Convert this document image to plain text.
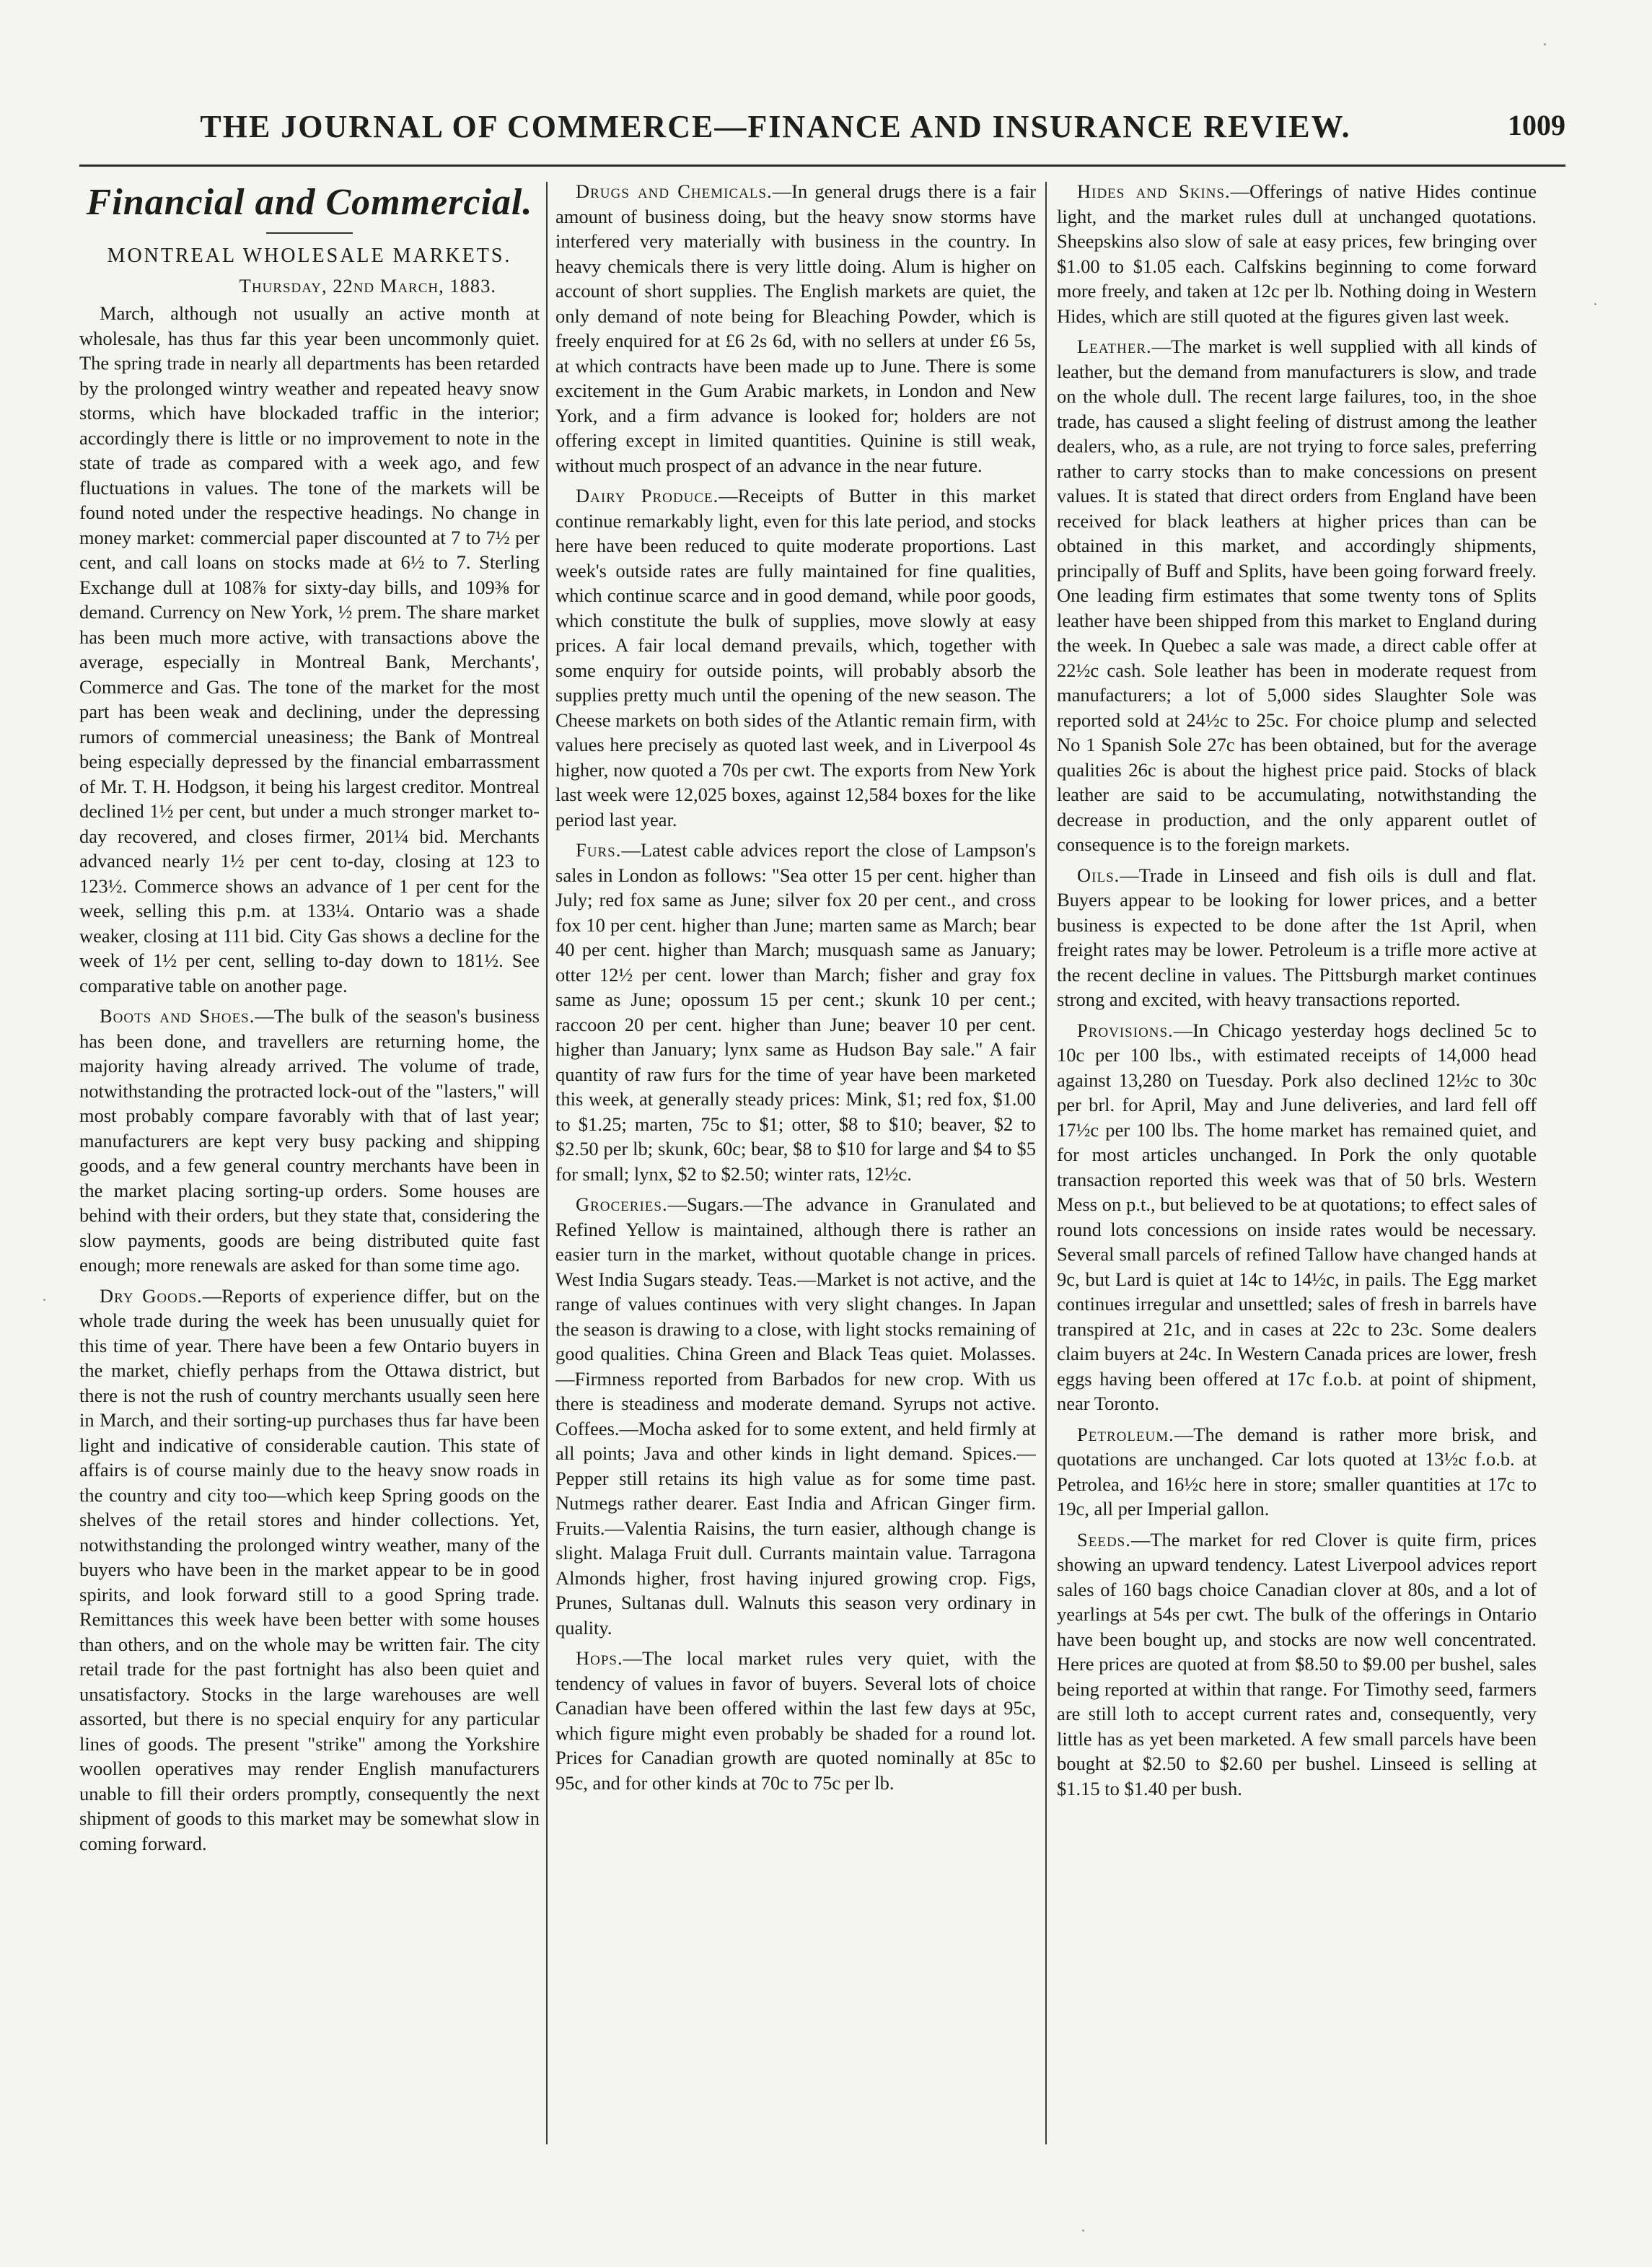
THE JOURNAL OF COMMERCE—FINANCE AND INSURANCE REVIEW.	1009
Financial and Commercial.
MONTREAL WHOLESALE MARKETS.
Thursday, 22nd March, 1883.

March, although not usually an active month at wholesale, has thus far this year been uncommonly quiet. The spring trade in nearly all departments has been retarded by the prolonged wintry weather and repeated heavy snow storms, which have blockaded traffic in the interior; accordingly there is little or no improvement to note in the state of trade as compared with a week ago, and few fluctuations in values. The tone of the markets will be found noted under the respective headings. No change in money market: commercial paper discounted at 7 to 7½ per cent, and call loans on stocks made at 6½ to 7. Sterling Exchange dull at 108⅞ for sixty-day bills, and 109⅜ for demand. Currency on New York, ½ prem. The share market has been much more active, with transactions above the average, especially in Montreal Bank, Merchants', Commerce and Gas. The tone of the market for the most part has been weak and declining, under the depressing rumors of commercial uneasiness; the Bank of Montreal being especially depressed by the financial embarrassment of Mr. T. H. Hodgson, it being his largest creditor. Montreal declined 1½ per cent, but under a much stronger market to-day recovered, and closes firmer, 201¼ bid. Merchants advanced nearly 1½ per cent to-day, closing at 123 to 123½. Commerce shows an advance of 1 per cent for the week, selling this p.m. at 133¼. Ontario was a shade weaker, closing at 111 bid. City Gas shows a decline for the week of 1½ per cent, selling to-day down to 181½. See comparative table on another page.

Boots and Shoes.—The bulk of the season's business has been done, and travellers are returning home, the majority having already arrived. The volume of trade, notwithstanding the protracted lock-out of the "lasters," will most probably compare favorably with that of last year; manufacturers are kept very busy packing and shipping goods, and a few general country merchants have been in the market placing sorting-up orders. Some houses are behind with their orders, but they state that, considering the slow payments, goods are being distributed quite fast enough; more renewals are asked for than some time ago.

Dry Goods.—Reports of experience differ, but on the whole trade during the week has been unusually quiet for this time of year. There have been a few Ontario buyers in the market, chiefly perhaps from the Ottawa district, but there is not the rush of country merchants usually seen here in March, and their sorting-up purchases thus far have been light and indicative of considerable caution. This state of affairs is of course mainly due to the heavy snow roads in the country and city too—which keep Spring goods on the shelves of the retail stores and hinder collections. Yet, notwithstanding the prolonged wintry weather, many of the buyers who have been in the market appear to be in good spirits, and look forward still to a good Spring trade. Remittances this week have been better with some houses than others, and on the whole may be written fair. The city retail trade for the past fortnight has also been quiet and unsatisfactory. Stocks in the large warehouses are well assorted, but there is no special enquiry for any particular lines of goods. The present "strike" among the Yorkshire woollen operatives may render English manufacturers unable to fill their orders promptly, consequently the next shipment of goods to this market may be somewhat slow in coming forward.

Drugs and Chemicals.—In general drugs there is a fair amount of business doing, but the heavy snow storms have interfered very materially with business in the country. In heavy chemicals there is very little doing. Alum is higher on account of short supplies. The English markets are quiet, the only demand of note being for Bleaching Powder, which is freely enquired for at £6 2s 6d, with no sellers at under £6 5s, at which contracts have been made up to June. There is some excitement in the Gum Arabic markets, in London and New York, and a firm advance is looked for; holders are not offering except in limited quantities. Quinine is still weak, without much prospect of an advance in the near future.

Dairy Produce.—Receipts of Butter in this market continue remarkably light, even for this late period, and stocks here have been reduced to quite moderate proportions. Last week's outside rates are fully maintained for fine qualities, which continue scarce and in good demand, while poor goods, which constitute the bulk of supplies, move slowly at easy prices. A fair local demand prevails, which, together with some enquiry for outside points, will probably absorb the supplies pretty much until the opening of the new season. The Cheese markets on both sides of the Atlantic remain firm, with values here precisely as quoted last week, and in Liverpool 4s higher, now quoted a 70s per cwt. The exports from New York last week were 12,025 boxes, against 12,584 boxes for the like period last year.

Furs.—Latest cable advices report the close of Lampson's sales in London as follows: "Sea otter 15 per cent. higher than July; red fox same as June; silver fox 20 per cent., and cross fox 10 per cent. higher than June; marten same as March; bear 40 per cent. higher than March; musquash same as January; otter 12½ per cent. lower than March; fisher and gray fox same as June; opossum 15 per cent.; skunk 10 per cent.; raccoon 20 per cent. higher than June; beaver 10 per cent. higher than January; lynx same as Hudson Bay sale." A fair quantity of raw furs for the time of year have been marketed this week, at generally steady prices: Mink, $1; red fox, $1.00 to $1.25; marten, 75c to $1; otter, $8 to $10; beaver, $2 to $2.50 per lb; skunk, 60c; bear, $8 to $10 for large and $4 to $5 for small; lynx, $2 to $2.50; winter rats, 12½c.

Groceries.—Sugars.—The advance in Granulated and Refined Yellow is maintained, although there is rather an easier turn in the market, without quotable change in prices. West India Sugars steady. Teas.—Market is not active, and the range of values continues with very slight changes. In Japan the season is drawing to a close, with light stocks remaining of good qualities. China Green and Black Teas quiet. Molasses.—Firmness reported from Barbados for new crop. With us there is steadiness and moderate demand. Syrups not active. Coffees.—Mocha asked for to some extent, and held firmly at all points; Java and other kinds in light demand. Spices.—Pepper still retains its high value as for some time past. Nutmegs rather dearer. East India and African Ginger firm. Fruits.—Valentia Raisins, the turn easier, although change is slight. Malaga Fruit dull. Currants maintain value. Tarragona Almonds higher, frost having injured growing crop. Figs, Prunes, Sultanas dull. Walnuts this season very ordinary in quality.

Hops.—The local market rules very quiet, with the tendency of values in favor of buyers. Several lots of choice Canadian have been offered within the last few days at 95c, which figure might even probably be shaded for a round lot. Prices for Canadian growth are quoted nominally at 85c to 95c, and for other kinds at 70c to 75c per lb.

Hides and Skins.—Offerings of native Hides continue light, and the market rules dull at unchanged quotations. Sheepskins also slow of sale at easy prices, few bringing over $1.00 to $1.05 each. Calfskins beginning to come forward more freely, and taken at 12c per lb. Nothing doing in Western Hides, which are still quoted at the figures given last week.

Leather.—The market is well supplied with all kinds of leather, but the demand from manufacturers is slow, and trade on the whole dull. The recent large failures, too, in the shoe trade, has caused a slight feeling of distrust among the leather dealers, who, as a rule, are not trying to force sales, preferring rather to carry stocks than to make concessions on present values. It is stated that direct orders from England have been received for black leathers at higher prices than can be obtained in this market, and accordingly shipments, principally of Buff and Splits, have been going forward freely. One leading firm estimates that some twenty tons of Splits leather have been shipped from this market to England during the week. In Quebec a sale was made, a direct cable offer at 22½c cash. Sole leather has been in moderate request from manufacturers; a lot of 5,000 sides Slaughter Sole was reported sold at 24½c to 25c. For choice plump and selected No 1 Spanish Sole 27c has been obtained, but for the average qualities 26c is about the highest price paid. Stocks of black leather are said to be accumulating, notwithstanding the decrease in production, and the only apparent outlet of consequence is to the foreign markets.

Oils.—Trade in Linseed and fish oils is dull and flat. Buyers appear to be looking for lower prices, and a better business is expected to be done after the 1st April, when freight rates may be lower. Petroleum is a trifle more active at the recent decline in values. The Pittsburgh market continues strong and excited, with heavy transactions reported.

Provisions.—In Chicago yesterday hogs declined 5c to 10c per 100 lbs., with estimated receipts of 14,000 head against 13,280 on Tuesday. Pork also declined 12½c to 30c per brl. for April, May and June deliveries, and lard fell off 17½c per 100 lbs. The home market has remained quiet, and for most articles unchanged. In Pork the only quotable transaction reported this week was that of 50 brls. Western Mess on p.t., but believed to be at quotations; to effect sales of round lots concessions on inside rates would be necessary. Several small parcels of refined Tallow have changed hands at 9c, but Lard is quiet at 14c to 14½c, in pails. The Egg market continues irregular and unsettled; sales of fresh in barrels have transpired at 21c, and in cases at 22c to 23c. Some dealers claim buyers at 24c. In Western Canada prices are lower, fresh eggs having been offered at 17c f.o.b. at point of shipment, near Toronto.

Petroleum.—The demand is rather more brisk, and quotations are unchanged. Car lots quoted at 13½c f.o.b. at Petrolea, and 16½c here in store; smaller quantities at 17c to 19c, all per Imperial gallon.

Seeds.—The market for red Clover is quite firm, prices showing an upward tendency. Latest Liverpool advices report sales of 160 bags choice Canadian clover at 80s, and a lot of yearlings at 54s per cwt. The bulk of the offerings in Ontario have been bought up, and stocks are now well concentrated. Here prices are quoted at from $8.50 to $9.00 per bushel, sales being reported at within that range. For Timothy seed, farmers are still loth to accept current rates and, consequently, very little has as yet been marketed. A few small parcels have been bought at $2.50 to $2.60 per bushel. Linseed is selling at $1.15 to $1.40 per bush.
